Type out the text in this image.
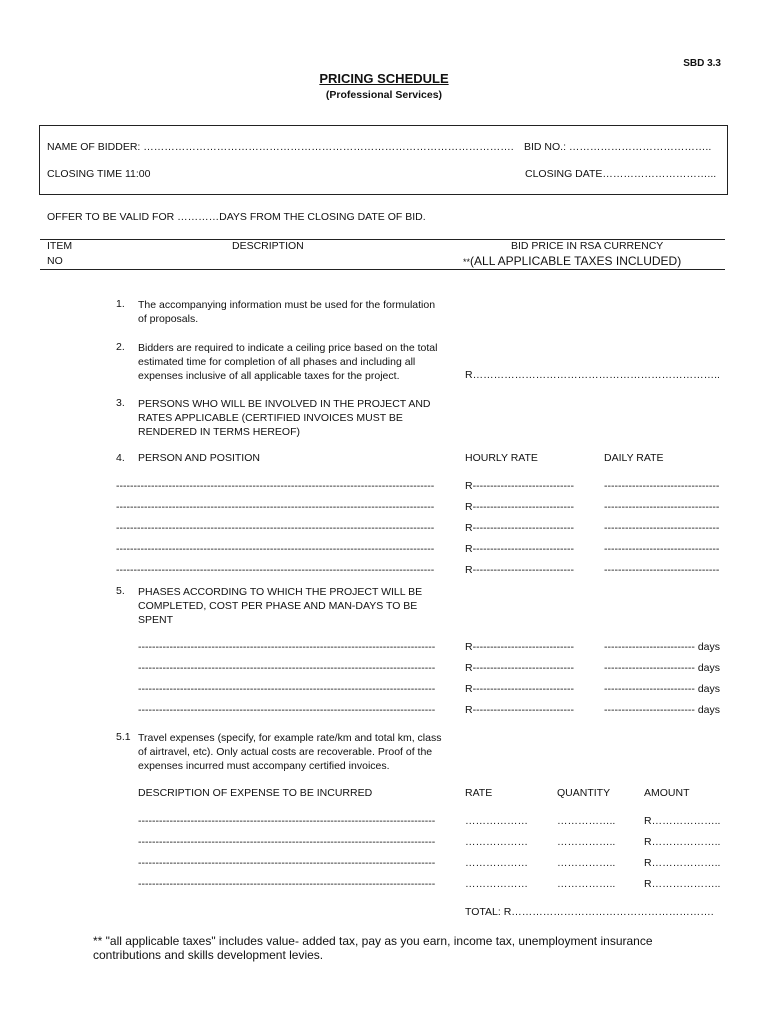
SBD 3.3
PRICING SCHEDULE
(Professional Services)
NAME OF BIDDER: ……………………………………………………………………………………………. BID NO.: …………………………………..
CLOSING TIME 11:00	CLOSING DATE…………………………...
OFFER TO BE VALID FOR …………DAYS FROM THE CLOSING DATE OF BID.
ITEM
NO
DESCRIPTION	BID PRICE IN RSA CURRENCY
**(ALL APPLICABLE TAXES INCLUDED)
1. The accompanying information must be used for the formulation of proposals.
2. Bidders are required to indicate a ceiling price based on the total estimated time for completion of all phases and including all expenses inclusive of all applicable taxes for the project.	R……………………………………………………………..
3. PERSONS WHO WILL BE INVOLVED IN THE PROJECT AND RATES APPLICABLE (CERTIFIED INVOICES MUST BE RENDERED IN TERMS HEREOF)
4. PERSON AND POSITION	HOURLY RATE	DAILY RATE
-------------------------------------------------------------------------------------------	R-----------------------------	---------------------------------
-------------------------------------------------------------------------------------------	R-----------------------------	---------------------------------
-------------------------------------------------------------------------------------------	R-----------------------------	---------------------------------
-------------------------------------------------------------------------------------------	R-----------------------------	---------------------------------
-------------------------------------------------------------------------------------------	R-----------------------------	---------------------------------
5. PHASES ACCORDING TO WHICH THE PROJECT WILL BE COMPLETED, COST PER PHASE AND MAN-DAYS TO BE SPENT
-------------------------------------------------------------------------------------	R-----------------------------	-------------------------- days
-------------------------------------------------------------------------------------	R-----------------------------	-------------------------- days
-------------------------------------------------------------------------------------	R-----------------------------	-------------------------- days
-------------------------------------------------------------------------------------	R-----------------------------	-------------------------- days
5.1 Travel expenses (specify, for example rate/km and total km, class of airtravel, etc). Only actual costs are recoverable. Proof of the expenses incurred must accompany certified invoices.
DESCRIPTION OF EXPENSE TO BE INCURRED	RATE	QUANTITY	AMOUNT
-------------------------------------------------------------------------------------	………………	……………..	R………………..
-------------------------------------------------------------------------------------	………………	……………..	R………………..
-------------------------------------------------------------------------------------	………………	……………..	R………………..
-------------------------------------------------------------------------------------	………………	……………..	R………………..
TOTAL: R………………………………………………….
** "all applicable taxes" includes value- added tax, pay as you earn, income tax, unemployment insurance contributions and skills development levies.
